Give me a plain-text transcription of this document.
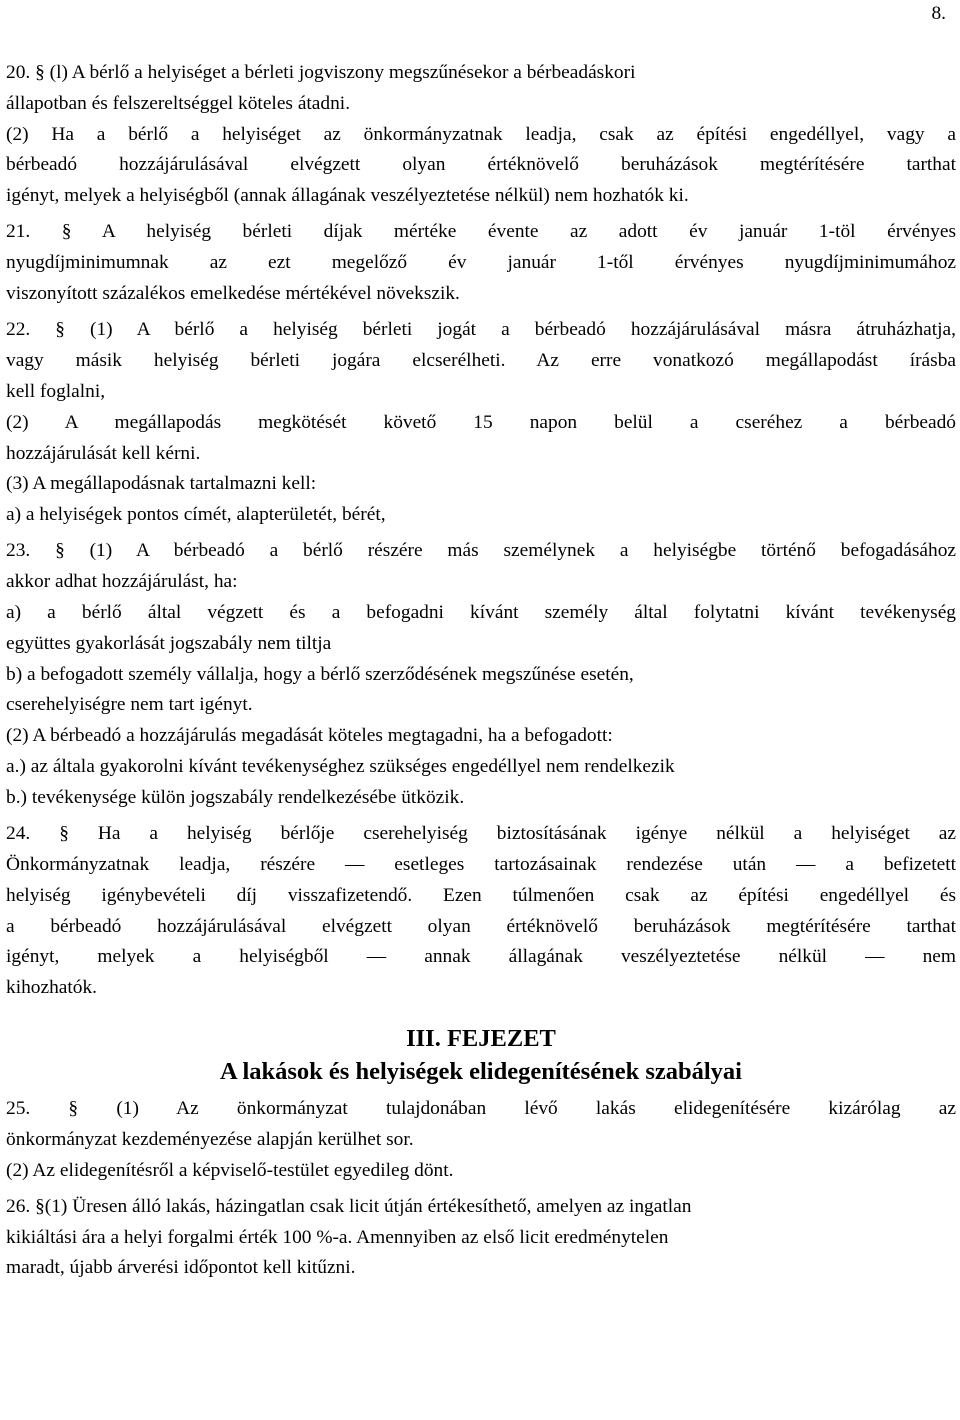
8.
20. § (l) A bérlő a helyiséget a bérleti jogviszony megszűnésekor a bérbeadáskori
állapotban és felszereltséggel köteles átadni.
(2) Ha a bérlő a helyiséget az önkormányzatnak leadja, csak az építési engedéllyel, vagy a
bérbeadó hozzájárulásával elvégzett olyan értéknövelő beruházások megtérítésére tarthat
igényt, melyek a helyiségből (annak állagának veszélyeztetése nélkül) nem hozhatók ki.
21. § A helyiség bérleti díjak mértéke évente az adott év január 1-töl érvényes
nyugdíjminimumnak az ezt megelőző év január 1-től érvényes nyugdíjminimumához
viszonyított százalékos emelkedése mértékével növekszik.
22. § (1) A bérlő a helyiség bérleti jogát a bérbeadó hozzájárulásával másra átruházhatja,
vagy másik helyiség bérleti jogára elcserélheti. Az erre vonatkozó megállapodást írásba
kell foglalni,
(2) A megállapodás megkötését követő 15 napon belül a cseréhez a bérbeadó
hozzájárulását kell kérni.
(3) A megállapodásnak tartalmazni kell:
a) a helyiségek pontos címét, alapterületét, bérét,
23. § (1) A bérbeadó a bérlő részére más személynek a helyiségbe történő befogadásához
akkor adhat hozzájárulást, ha:
a) a bérlő által végzett és a befogadni kívánt személy által folytatni kívánt tevékenység
együttes gyakorlását jogszabály nem tiltja
b) a befogadott személy vállalja, hogy a bérlő szerződésének megszűnése esetén,
cserehelyiségre nem tart igényt.
(2) A bérbeadó a hozzájárulás megadását köteles megtagadni, ha a befogadott:
a.) az általa gyakorolni kívánt tevékenységhez szükséges engedéllyel nem rendelkezik
b.) tevékenysége külön jogszabály rendelkezésébe ütközik.
24. § Ha a helyiség bérlője cserehelyiség biztosításának igénye nélkül a helyiséget az
Önkormányzatnak leadja, részére — esetleges tartozásainak rendezése után — a befizetett
helyiség igénybevételi díj visszafizetendő. Ezen túlmenően csak az építési engedéllyel és
a bérbeadó hozzájárulásával elvégzett olyan értéknövelő beruházások megtérítésére tarthat
igényt, melyek a helyiségből — annak állagának veszélyeztetése nélkül — nem
kihozhatók.
III. FEJEZET
A lakások és helyiségek elidegenítésének szabályai
25. § (1) Az önkormányzat tulajdonában lévő lakás elidegenítésére kizárólag az
önkormányzat kezdeményezése alapján kerülhet sor.
(2) Az elidegenítésről a képviselő-testület egyedileg dönt.
26. §(1) Üresen álló lakás, házingatlan csak licit útján értékesíthető, amelyen az ingatlan
kikiáltási ára a helyi forgalmi érték 100 %-a. Amennyiben az első licit eredménytelen
maradt, újabb árverési időpontot kell kitűzni.
